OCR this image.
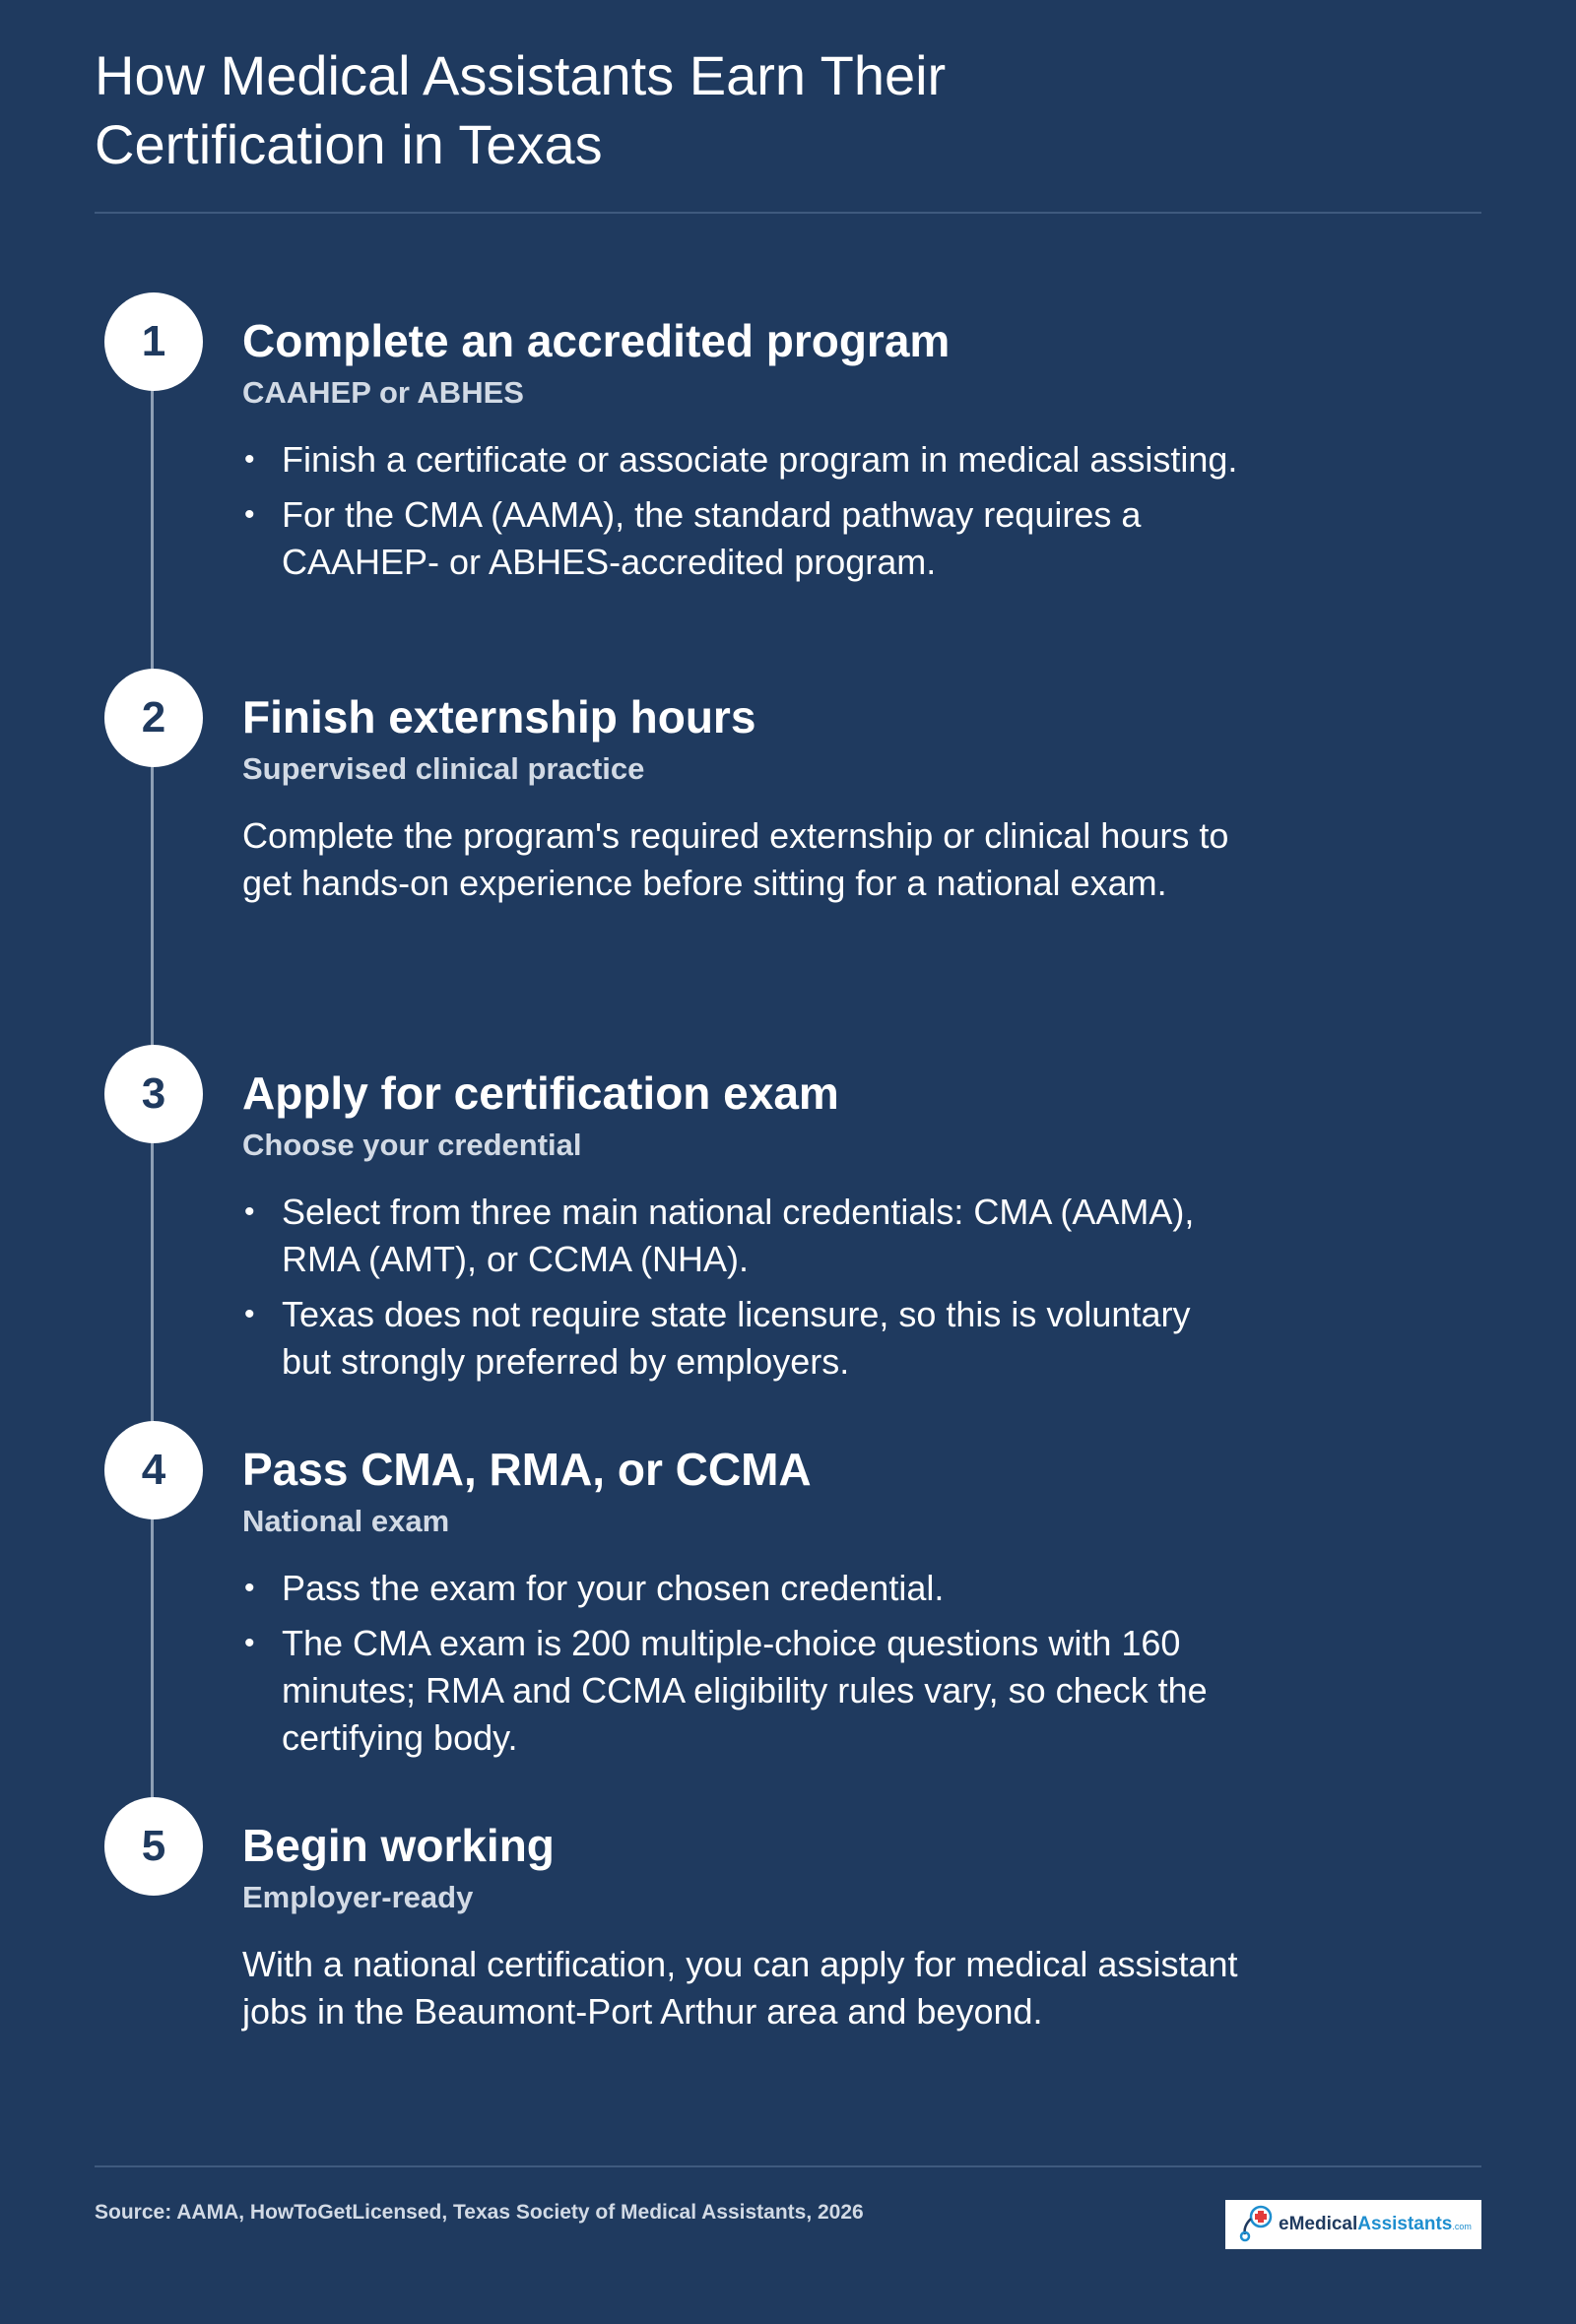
How Medical Assistants Earn Their Certification in Texas
1	Complete an accredited program
CAAHEP or ABHES
• Finish a certificate or associate program in medical assisting.
• For the CMA (AAMA), the standard pathway requires a CAAHEP- or ABHES-accredited program.
2	Finish externship hours
Supervised clinical practice

Complete the program's required externship or clinical hours to get hands-on experience before sitting for a national exam.

3	Apply for certification exam
Choose your credential
• Select from three main national credentials: CMA (AAMA), RMA (AMT), or CCMA (NHA).
• Texas does not require state licensure, so this is voluntary but strongly preferred by employers.
4	Pass CMA, RMA, or CCMA
National exam
• Pass the exam for your chosen credential.
• The CMA exam is 200 multiple-choice questions with 160 minutes; RMA and CCMA eligibility rules vary, so check the certifying body.
5	Begin working
Employer-ready

With a national certification, you can apply for medical assistant jobs in the Beaumont-Port Arthur area and beyond.

Source: AAMA, HowToGetLicensed, Texas Society of Medical Assistants, 2026
eMedicalAssistants.com
